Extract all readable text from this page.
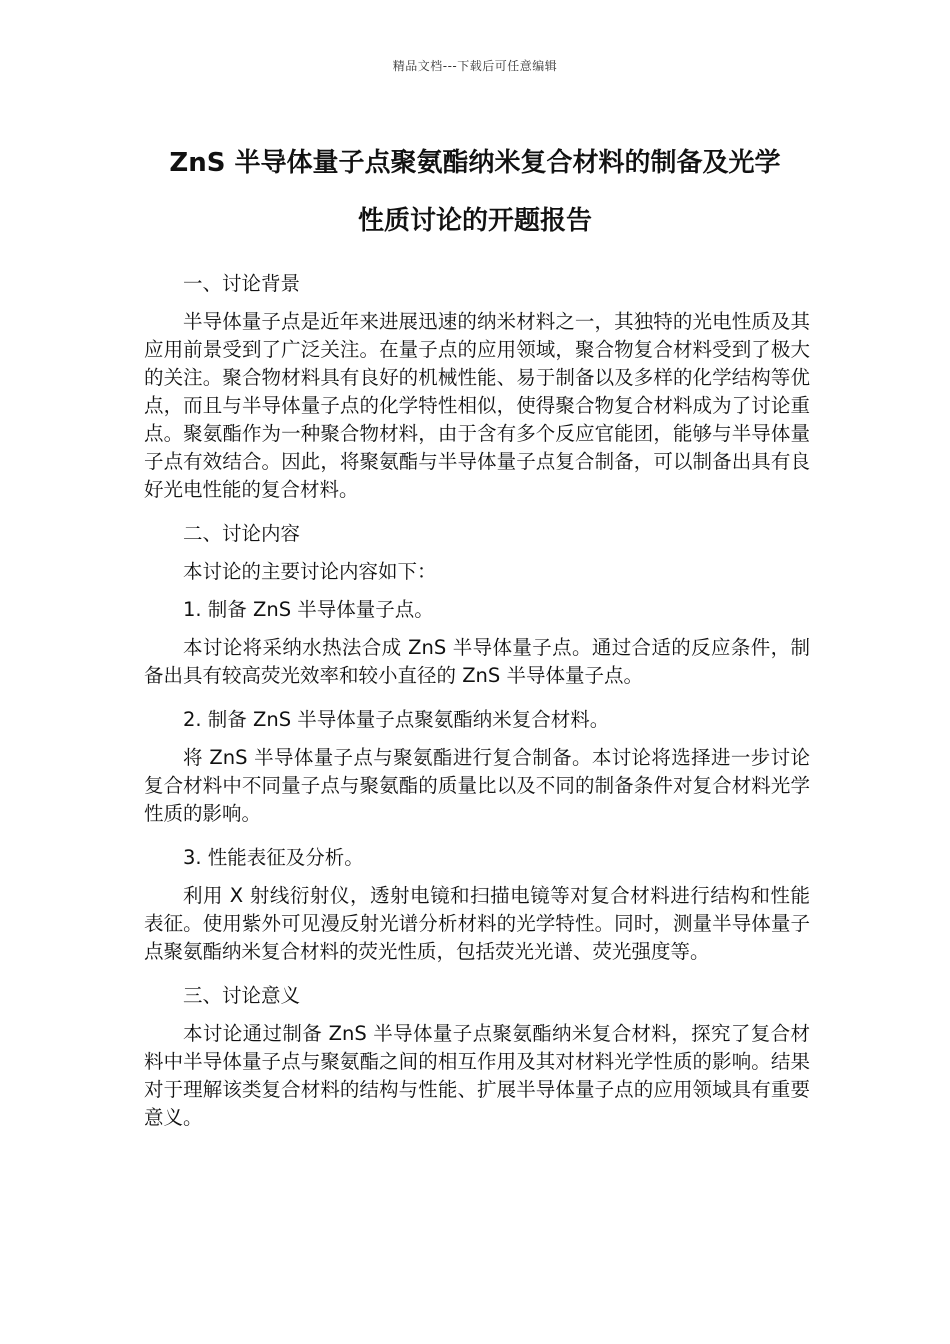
精品文档---下载后可任意编辑
ZnS 半导体量子点聚氨酯纳米复合材料的制备及光学
性质讨论的开题报告

一、讨论背景

半导体量子点是近年来进展迅速的纳米材料之一，其独特的光电性质及其应用前景受到了广泛关注。在量子点的应用领域，聚合物复合材料受到了极大的关注。聚合物材料具有良好的机械性能、易于制备以及多样的化学结构等优点，而且与半导体量子点的化学特性相似，使得聚合物复合材料成为了讨论重点。聚氨酯作为一种聚合物材料，由于含有多个反应官能团，能够与半导体量子点有效结合。因此，将聚氨酯与半导体量子点复合制备，可以制备出具有良好光电性能的复合材料。

二、讨论内容

本讨论的主要讨论内容如下：

1. 制备 ZnS 半导体量子点。

本讨论将采纳水热法合成 ZnS 半导体量子点。通过合适的反应条件，制备出具有较高荧光效率和较小直径的 ZnS 半导体量子点。

2. 制备 ZnS 半导体量子点聚氨酯纳米复合材料。

将 ZnS 半导体量子点与聚氨酯进行复合制备。本讨论将选择进一步讨论复合材料中不同量子点与聚氨酯的质量比以及不同的制备条件对复合材料光学性质的影响。

3. 性能表征及分析。

利用 X 射线衍射仪，透射电镜和扫描电镜等对复合材料进行结构和性能表征。使用紫外可见漫反射光谱分析材料的光学特性。同时，测量半导体量子点聚氨酯纳米复合材料的荧光性质，包括荧光光谱、荧光强度等。

三、讨论意义

本讨论通过制备 ZnS 半导体量子点聚氨酯纳米复合材料，探究了复合材料中半导体量子点与聚氨酯之间的相互作用及其对材料光学性质的影响。结果对于理解该类复合材料的结构与性能、扩展半导体量子点的应用领域具有重要意义。
